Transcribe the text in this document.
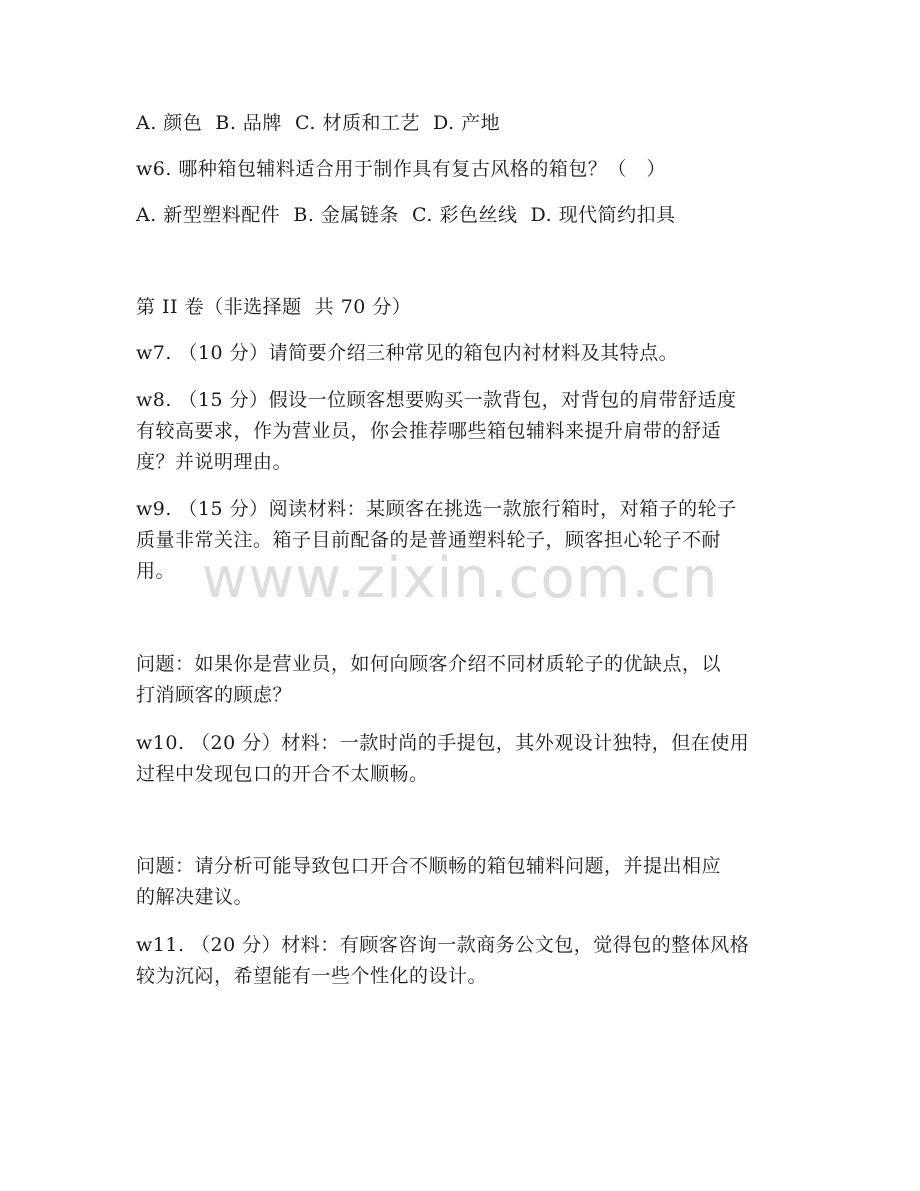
A. 颜色  B. 品牌  C. 材质和工艺  D. 产地
w6. 哪种箱包辅料适合用于制作具有复古风格的箱包？（   ）
A. 新型塑料配件  B. 金属链条  C. 彩色丝线  D. 现代简约扣具
第 II 卷（非选择题  共 70 分）
w7. （10 分）请简要介绍三种常见的箱包内衬材料及其特点。
w8. （15 分）假设一位顾客想要购买一款背包，对背包的肩带舒适度
有较高要求，作为营业员，你会推荐哪些箱包辅料来提升肩带的舒适
度？并说明理由。
w9. （15 分）阅读材料：某顾客在挑选一款旅行箱时，对箱子的轮子
质量非常关注。箱子目前配备的是普通塑料轮子，顾客担心轮子不耐
用。
问题：如果你是营业员，如何向顾客介绍不同材质轮子的优缺点，以
打消顾客的顾虑？
w10. （20 分）材料：一款时尚的手提包，其外观设计独特，但在使用
过程中发现包口的开合不太顺畅。
问题：请分析可能导致包口开合不顺畅的箱包辅料问题，并提出相应
的解决建议。
w11. （20 分）材料：有顾客咨询一款商务公文包，觉得包的整体风格
较为沉闷，希望能有一些个性化的设计。
www.zixin.com.cn
